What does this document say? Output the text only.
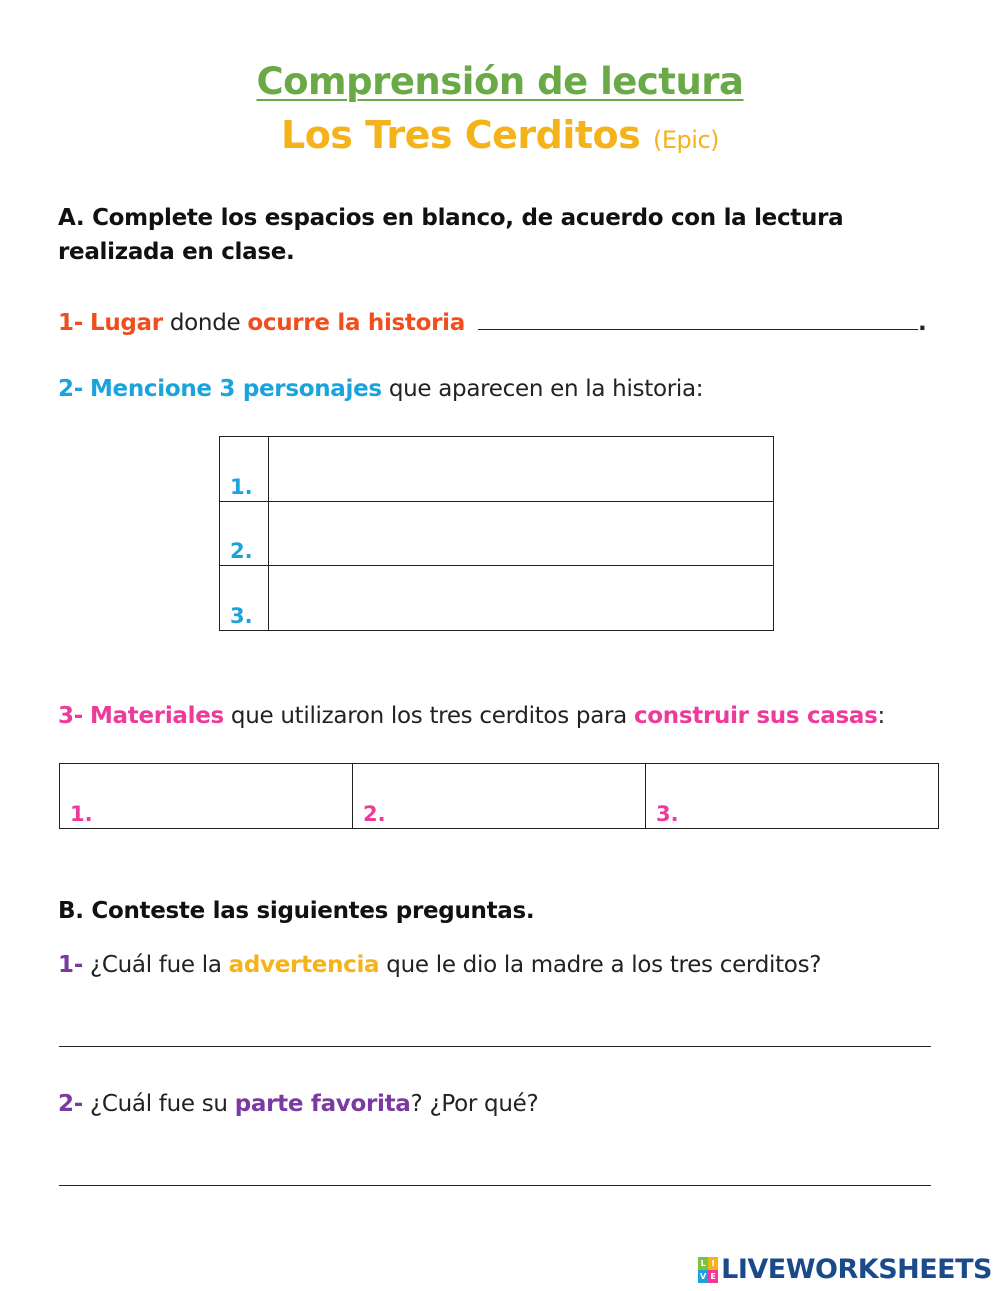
Comprensión de lectura
Los Tres Cerditos (Epic)
A. Complete los espacios en blanco, de acuerdo con la lectura realizada en clase.
1- Lugar donde ocurre la historia	.
2- Mencione 3 personajes que aparecen en la historia:
1.	
2.	
3.	
3- Materiales que utilizaron los tres cerditos para construir sus casas:
1.	2.	3.
B. Conteste las siguientes preguntas.
1- ¿Cuál fue la advertencia que le dio la madre a los tres cerditos?
2- ¿Cuál fue su parte favorita? ¿Por qué?
L I
V E LIVEWORKSHEETS
